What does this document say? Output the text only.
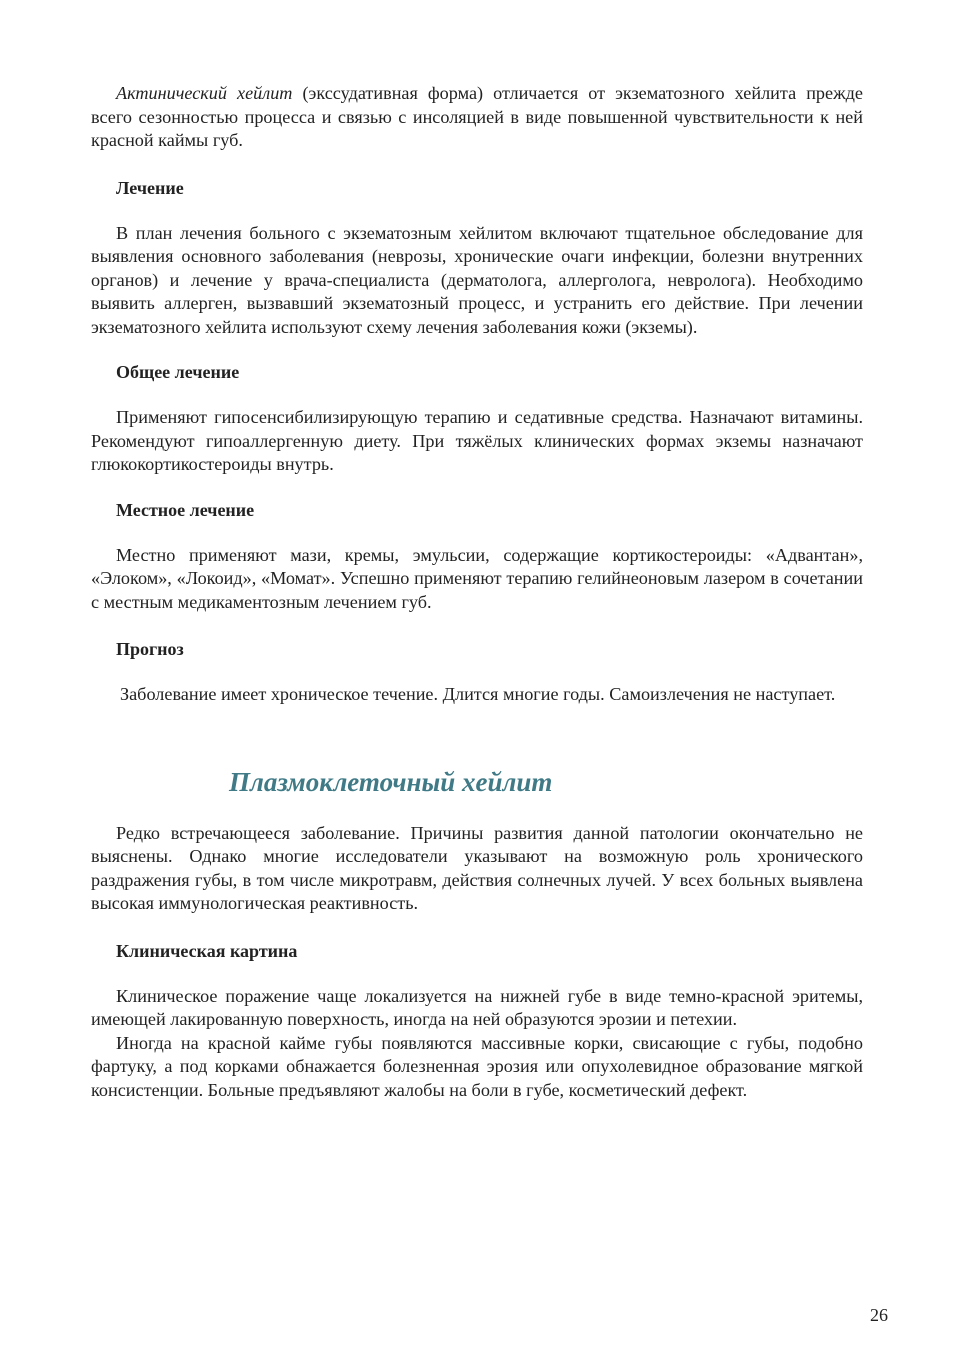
Актинический хейлит (экссудативная форма) отличается от экзематозного хейлита прежде всего сезонностью процесса и связью с инсоляцией в виде повышенной чувствительности к ней красной каймы губ.

Лечение

В план лечения больного с экзематозным хейлитом включают тщательное обследование для выявления основного заболевания (неврозы, хронические очаги инфекции, болезни внутренних органов) и лечение у врача-специалиста (дерматолога, аллерголога, невролога). Необходимо выявить аллерген, вызвавший экзематозный процесс, и устранить его действие. При лечении экзематозного хейлита используют схему лечения заболевания кожи (экземы).

Общее лечение

Применяют гипосенсибилизирующую терапию и седативные средства. Назначают витамины. Рекомендуют гипоаллергенную диету. При тяжёлых клинических формах экземы назначают глюкокортикостероиды внутрь.

Местное лечение

Местно применяют мази, кремы, эмульсии, содержащие кортикостероиды: «Адвантан», «Элоком», «Локоид», «Момат». Успешно применяют терапию гелийнеоновым лазером в сочетании с местным медикаментозным лечением губ.

Прогноз

Заболевание имеет хроническое течение. Длится многие годы. Самоизлечения не наступает.

Плазмоклеточный хейлит

Редко встречающееся заболевание. Причины развития данной патологии окончательно не выяснены. Однако многие исследователи указывают на возможную роль хронического раздражения губы, в том числе микротравм, действия солнечных лучей. У всех больных выявлена высокая иммунологическая реактивность.

Клиническая картина

Клиническое поражение чаще локализуется на нижней губе в виде темно-красной эритемы, имеющей лакированную поверхность, иногда на ней образуются эрозии и петехии.

Иногда на красной кайме губы появляются массивные корки, свисающие с губы, подобно фартуку, а под корками обнажается болезненная эрозия или опухолевидное образование мягкой консистенции. Больные предъявляют жалобы на боли в губе, косметический дефект.

26
